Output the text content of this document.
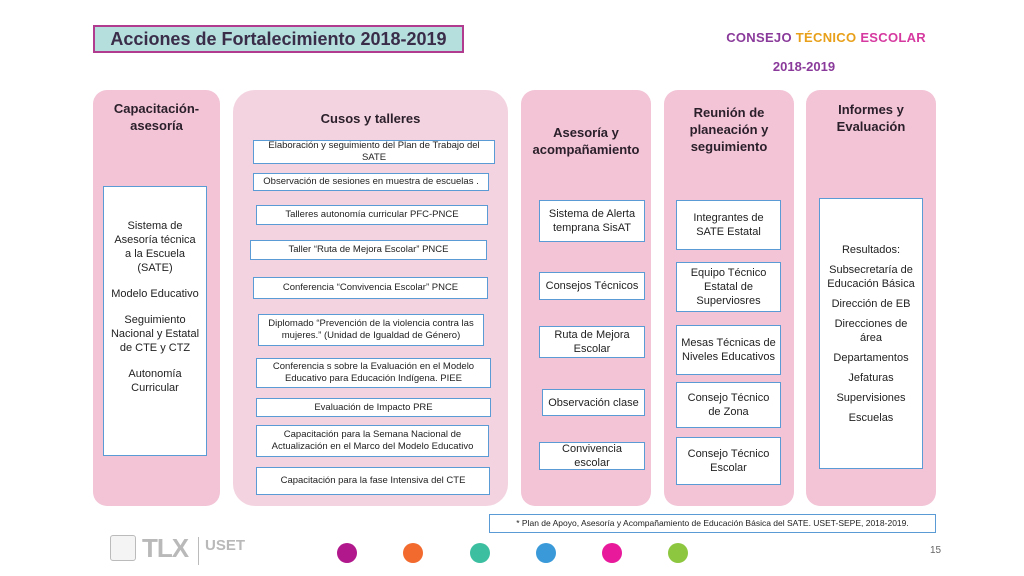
Acciones de Fortalecimiento 2018-2019	CONSEJO TÉCNICO ESCOLAR
2018-2019
Capacitación- asesoría

Sistema de Asesoría técnica a la Escuela (SATE)

Modelo Educativo

Seguimiento Nacional y Estatal de CTE y CTZ

Autonomía Curricular

Cusos y talleres
Elaboración y seguimiento del Plan de Trabajo del SATE
Observación de sesiones en muestra de escuelas .
Talleres autonomía curricular PFC-PNCE
Taller “Ruta de Mejora Escolar” PNCE
Conferencia “Convivencia Escolar” PNCE
Diplomado “Prevención de la violencia contra las mujeres.” (Unidad de Igualdad de Género)
Conferencia s sobre la Evaluación en el Modelo Educativo para Educación Indígena. PIEE
Evaluación de Impacto PRE
Capacitación para la Semana Nacional de Actualización en el Marco del Modelo Educativo
Capacitación para la fase Intensiva del CTE
Asesoría y acompañamiento
Sistema de Alerta temprana SisAT
Consejos Técnicos
Ruta de Mejora Escolar
Observación clase
Convivencia escolar
Reunión de planeación y seguimiento
Integrantes de SATE Estatal
Equipo Técnico Estatal de Superviosres
Mesas Técnicas de Niveles Educativos
Consejo Técnico de Zona
Consejo Técnico Escolar
Informes y Evaluación
Resultados:
Subsecretaría de Educación Básica
Dirección de EB
Direcciones de área
Departamentos
Jefaturas
Supervisiones
Escuelas
* Plan de Apoyo, Asesoría y Acompañamiento de Educación Básica del SATE. USET-SEPE, 2018-2019.
TLX USET	15
